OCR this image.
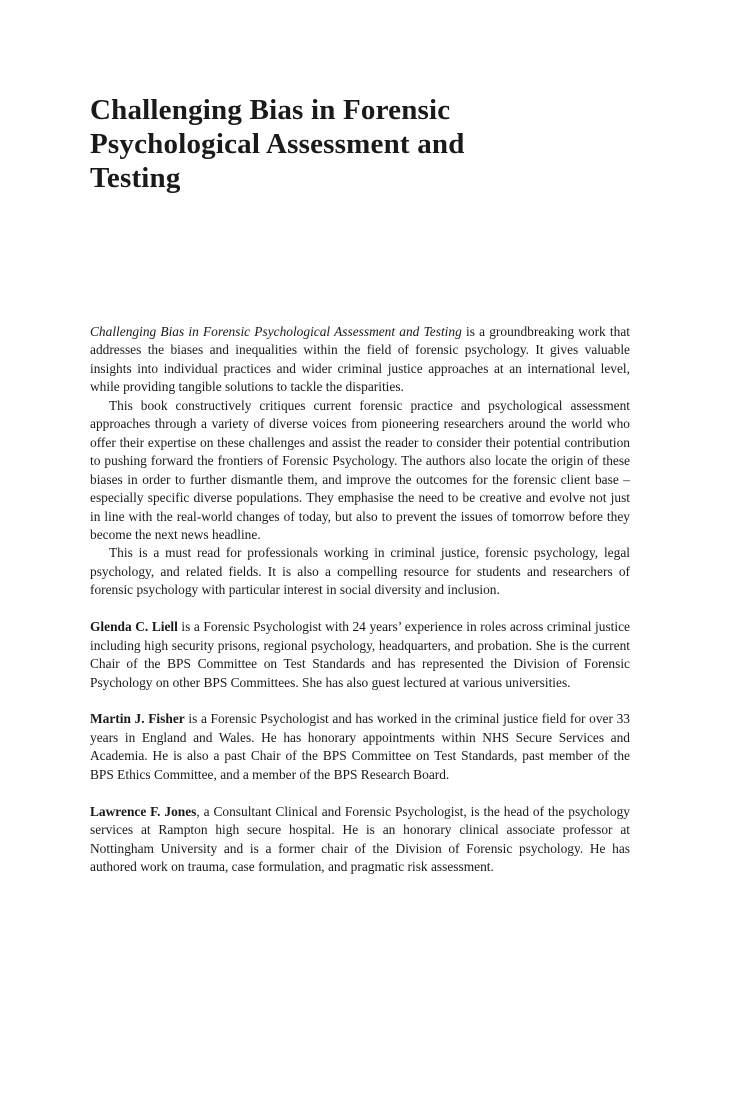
Challenging Bias in Forensic
Psychological Assessment and
Testing

Challenging Bias in Forensic Psychological Assessment and Testing is a groundbreaking work that addresses the biases and inequalities within the field of forensic psychology. It gives valuable insights into individual practices and wider criminal justice approaches at an international level, while providing tangible solutions to tackle the disparities.

This book constructively critiques current forensic practice and psychological assessment approaches through a variety of diverse voices from pioneering researchers around the world who offer their expertise on these challenges and assist the reader to consider their potential contribution to pushing forward the frontiers of Forensic Psychology. The authors also locate the origin of these biases in order to further dismantle them, and improve the outcomes for the forensic client base – especially specific diverse populations. They emphasise the need to be creative and evolve not just in line with the real-world changes of today, but also to prevent the issues of tomorrow before they become the next news headline.

This is a must read for professionals working in criminal justice, forensic psychology, legal psychology, and related fields. It is also a compelling resource for students and researchers of forensic psychology with particular interest in social diversity and inclusion.

Glenda C. Liell is a Forensic Psychologist with 24 years’ experience in roles across criminal justice including high security prisons, regional psychology, headquarters, and probation. She is the current Chair of the BPS Committee on Test Standards and has represented the Division of Forensic Psychology on other BPS Committees. She has also guest lectured at various universities.

Martin J. Fisher is a Forensic Psychologist and has worked in the criminal justice field for over 33 years in England and Wales. He has honorary appointments within NHS Secure Services and Academia. He is also a past Chair of the BPS Committee on Test Standards, past member of the BPS Ethics Committee, and a member of the BPS Research Board.

Lawrence F. Jones, a Consultant Clinical and Forensic Psychologist, is the head of the psychology services at Rampton high secure hospital. He is an honorary clinical associate professor at Nottingham University and is a former chair of the Division of Forensic psychology. He has authored work on trauma, case formulation, and pragmatic risk assessment.
